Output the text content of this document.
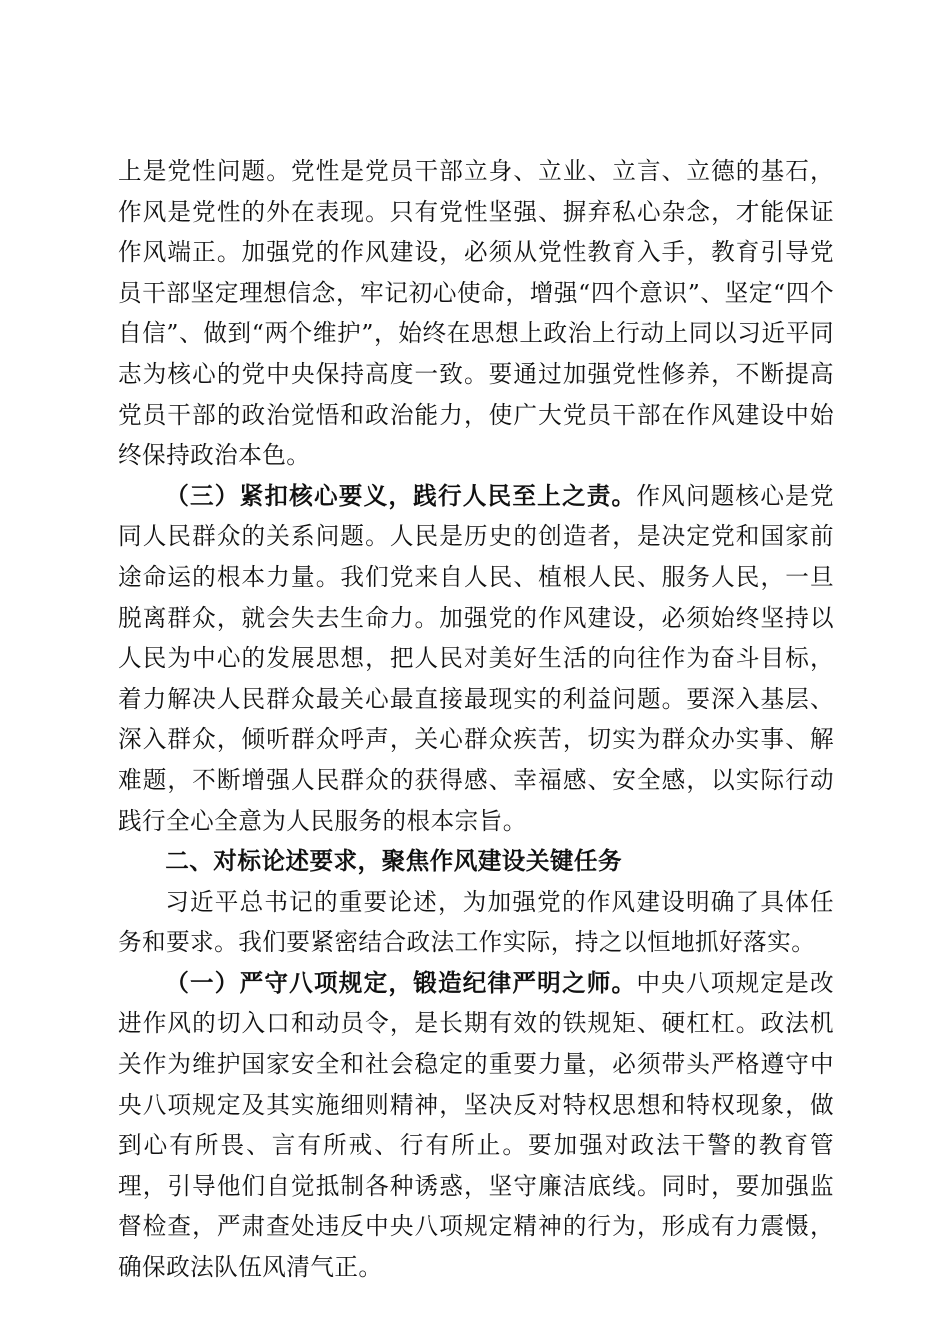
上是党性问题。党性是党员干部立身、立业、立言、立德的基石，作风是党性的外在表现。只有党性坚强、摒弃私心杂念，才能保证作风端正。加强党的作风建设，必须从党性教育入手，教育引导党员干部坚定理想信念，牢记初心使命，增强“四个意识”、坚定“四个自信”、做到“两个维护”，始终在思想上政治上行动上同以习近平同志为核心的党中央保持高度一致。要通过加强党性修养，不断提高党员干部的政治觉悟和政治能力，使广大党员干部在作风建设中始终保持政治本色。

（三）紧扣核心要义，践行人民至上之责。作风问题核心是党同人民群众的关系问题。人民是历史的创造者，是决定党和国家前途命运的根本力量。我们党来自人民、植根人民、服务人民，一旦脱离群众，就会失去生命力。加强党的作风建设，必须始终坚持以人民为中心的发展思想，把人民对美好生活的向往作为奋斗目标，着力解决人民群众最关心最直接最现实的利益问题。要深入基层、深入群众，倾听群众呼声，关心群众疾苦，切实为群众办实事、解难题，不断增强人民群众的获得感、幸福感、安全感，以实际行动践行全心全意为人民服务的根本宗旨。

二、对标论述要求，聚焦作风建设关键任务

习近平总书记的重要论述，为加强党的作风建设明确了具体任务和要求。我们要紧密结合政法工作实际，持之以恒地抓好落实。

（一）严守八项规定，锻造纪律严明之师。中央八项规定是改进作风的切入口和动员令，是长期有效的铁规矩、硬杠杠。政法机关作为维护国家安全和社会稳定的重要力量，必须带头严格遵守中央八项规定及其实施细则精神，坚决反对特权思想和特权现象，做到心有所畏、言有所戒、行有所止。要加强对政法干警的教育管理，引导他们自觉抵制各种诱惑，坚守廉洁底线。同时，要加强监督检查，严肃查处违反中央八项规定精神的行为，形成有力震慑，确保政法队伍风清气正。
